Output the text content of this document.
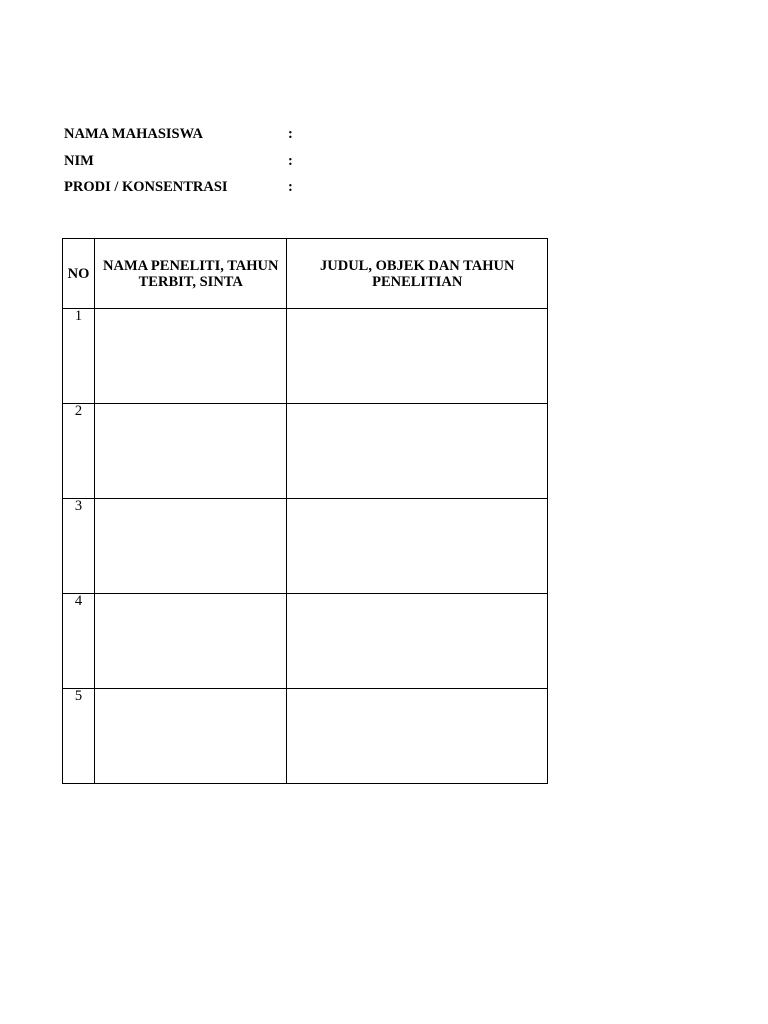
NAMA MAHASISWA	:
NIM	:
PRODI / KONSENTRASI	:
NO	NAMA PENELITI, TAHUN TERBIT, SINTA	JUDUL, OBJEK DAN TAHUN PENELITIAN
1		
2		
3		
4		
5		
